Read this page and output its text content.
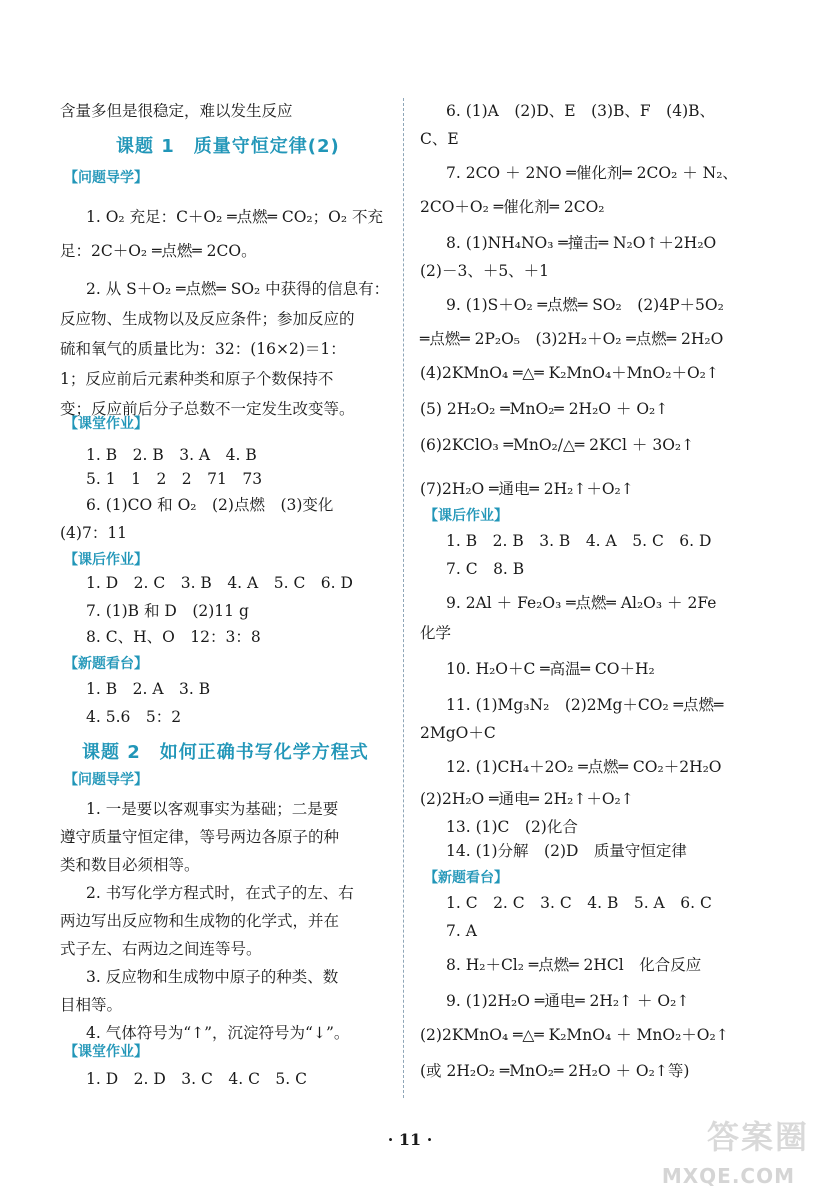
含量多但是很稳定，难以发生反应
课题 1　质量守恒定律(2)
【 问题导学 】
1. O₂ 充足：C＋O₂ ═点燃═ CO₂；O₂ 不充
足：2C＋O₂ ═点燃═ 2CO。
2. 从 S＋O₂ ═点燃═ SO₂ 中获得的信息有：
反应物、生成物以及反应条件；参加反应的
硫和氧气的质量比为：32：(16×2)＝1：
1；反应前后元素种类和原子个数保持不
变；反应前后分子总数不一定发生改变等。
【 课堂作业 】
1. B　2. B　3. A　4. B
5. 1　1　2　2　71　73
6. (1)CO 和 O₂　(2)点燃　(3)变化
(4)7：11
【 课后作业 】
1. D　2. C　3. B　4. A　5. C　6. D
7. (1)B 和 D　(2)11 g
8. C、H、O　12：3：8
【 新题看台 】
1. B　2. A　3. B
4. 5.6　5：2
课题 2　如何正确书写化学方程式
【 问题导学 】
1. 一是要以客观事实为基础；二是要
遵守质量守恒定律，等号两边各原子的种
类和数目必须相等。
2. 书写化学方程式时，在式子的左、右
两边写出反应物和生成物的化学式，并在
式子左、右两边之间连等号。
3. 反应物和生成物中原子的种类、数
目相等。
4. 气体符号为“↑”，沉淀符号为“↓”。
【 课堂作业 】
1. D　2. D　3. C　4. C　5. C
6. (1)A　(2)D、E　(3)B、F　(4)B、
C、E
7. 2CO ＋ 2NO ═催化剂═ 2CO₂ ＋ N₂、
2CO＋O₂ ═催化剂═ 2CO₂
8. (1)NH₄NO₃ ═撞击═ N₂O↑＋2H₂O
(2)－3、＋5、＋1
9. (1)S＋O₂ ═点燃═ SO₂　(2)4P＋5O₂
═点燃═ 2P₂O₅　(3)2H₂＋O₂ ═点燃═ 2H₂O
(4)2KMnO₄ ═△═ K₂MnO₄＋MnO₂＋O₂↑
(5) 2H₂O₂ ═MnO₂═ 2H₂O ＋ O₂↑
(6)2KClO₃ ═MnO₂/△═ 2KCl ＋ 3O₂↑
(7)2H₂O ═通电═ 2H₂↑＋O₂↑
【 课后作业 】
1. B　2. B　3. B　4. A　5. C　6. D
7. C　8. B
9. 2Al ＋ Fe₂O₃ ═点燃═ Al₂O₃ ＋ 2Fe
化学
10. H₂O＋C ═高温═ CO＋H₂
11. (1)Mg₃N₂　(2)2Mg＋CO₂ ═点燃═
2MgO＋C
12. (1)CH₄＋2O₂ ═点燃═ CO₂＋2H₂O
(2)2H₂O ═通电═ 2H₂↑＋O₂↑
13. (1)C　(2)化合
14. (1)分解　(2)D　质量守恒定律
【 新题看台 】
1. C　2. C　3. C　4. B　5. A　6. C
7. A
8. H₂＋Cl₂ ═点燃═ 2HCl　化合反应
9. (1)2H₂O ═通电═ 2H₂↑ ＋ O₂↑
(2)2KMnO₄ ═△═ K₂MnO₄ ＋ MnO₂＋O₂↑
(或 2H₂O₂ ═MnO₂═ 2H₂O ＋ O₂↑等)
· 11 ·	答案圈
MXQE.COM
